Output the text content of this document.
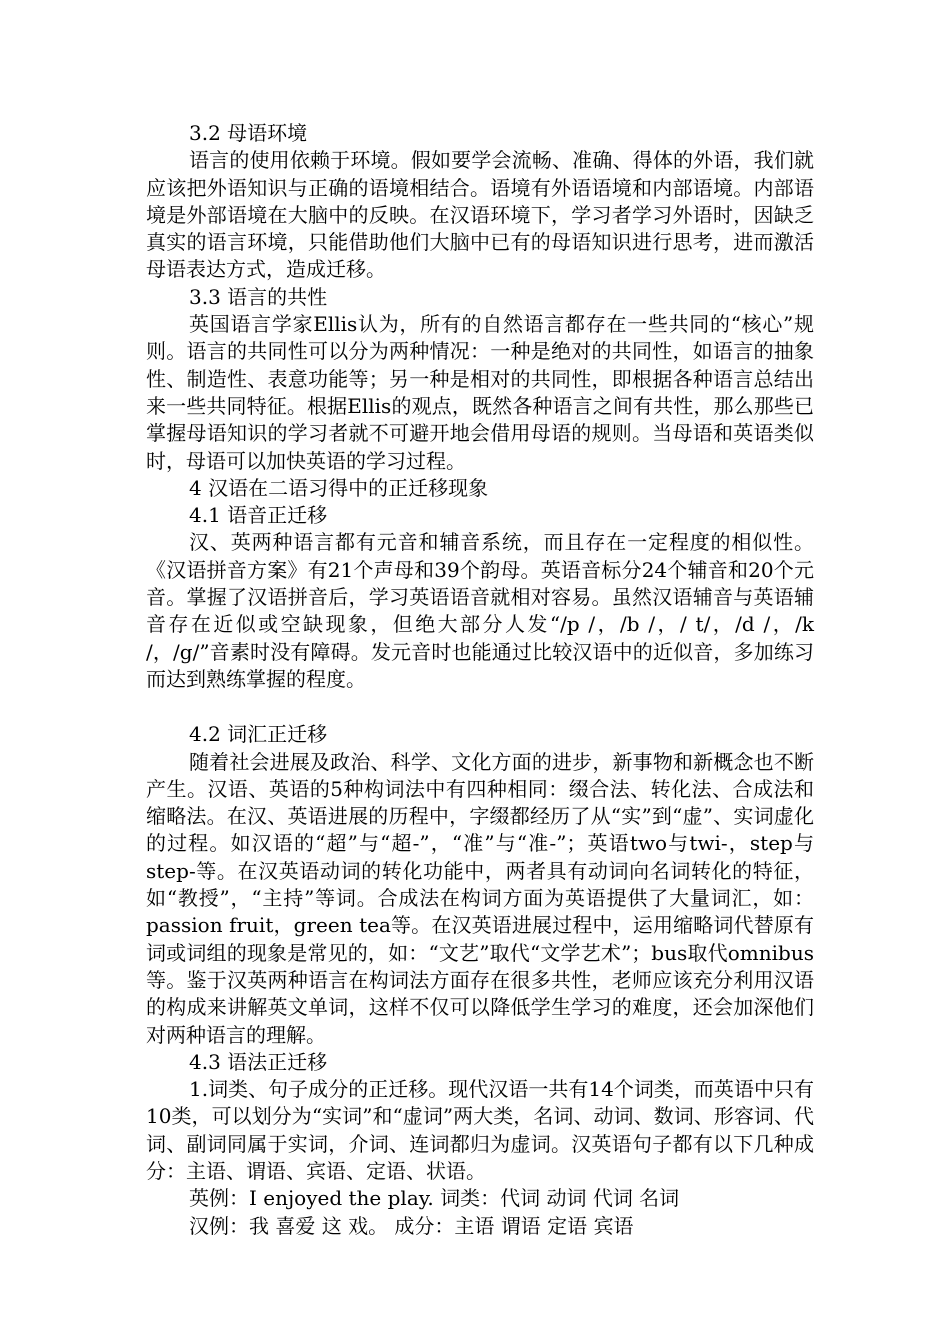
3.2 母语环境

语言的使用依赖于环境。假如要学会流畅、准确、得体的外语，我们就应该把外语知识与正确的语境相结合。语境有外语语境和内部语境。内部语境是外部语境在大脑中的反映。在汉语环境下，学习者学习外语时，因缺乏真实的语言环境，只能借助他们大脑中已有的母语知识进行思考，进而激活母语表达方式，造成迁移。

3.3 语言的共性

英国语言学家Ellis认为，所有的自然语言都存在一些共同的“核心”规则。语言的共同性可以分为两种情况：一种是绝对的共同性，如语言的抽象性、制造性、表意功能等；另一种是相对的共同性，即根据各种语言总结出来一些共同特征。根据Ellis的观点，既然各种语言之间有共性，那么那些已掌握母语知识的学习者就不可避开地会借用母语的规则。当母语和英语类似时，母语可以加快英语的学习过程。

4 汉语在二语习得中的正迁移现象

4.1 语音正迁移

汉、英两种语言都有元音和辅音系统，而且存在一定程度的相似性。《汉语拼音方案》有21个声母和39个韵母。英语音标分24个辅音和20个元音。掌握了汉语拼音后，学习英语语音就相对容易。虽然汉语辅音与英语辅音存在近似或空缺现象，但绝大部分人发“/p /，/b /，/ t/，/d /，/k /，/g/”音素时没有障碍。发元音时也能通过比较汉语中的近似音，多加练习而达到熟练掌握的程度。

4.2 词汇正迁移

随着社会进展及政治、科学、文化方面的进步，新事物和新概念也不断产生。汉语、英语的5种构词法中有四种相同：缀合法、转化法、合成法和缩略法。在汉、英语进展的历程中，字缀都经历了从“实”到“虚”、实词虚化的过程。如汉语的“超”与“超-”，“准”与“准-”；英语two与twi-，step与step-等。在汉英语动词的转化功能中，两者具有动词向名词转化的特征，如“教授”，“主持”等词。合成法在构词方面为英语提供了大量词汇，如：passion fruit，green tea等。在汉英语进展过程中，运用缩略词代替原有词或词组的现象是常见的，如：“文艺”取代“文学艺术”；bus取代omnibus等。鉴于汉英两种语言在构词法方面存在很多共性，老师应该充分利用汉语的构成来讲解英文单词，这样不仅可以降低学生学习的难度，还会加深他们对两种语言的理解。

4.3 语法正迁移

1.词类、句子成分的正迁移。现代汉语一共有14个词类，而英语中只有10类，可以划分为“实词”和“虚词”两大类，名词、动词、数词、形容词、代词、副词同属于实词，介词、连词都归为虚词。汉英语句子都有以下几种成分：主语、谓语、宾语、定语、状语。

英例：I enjoyed the play. 词类：代词 动词 代词 名词

汉例：我 喜爱 这 戏。 成分：主语 谓语 定语 宾语
